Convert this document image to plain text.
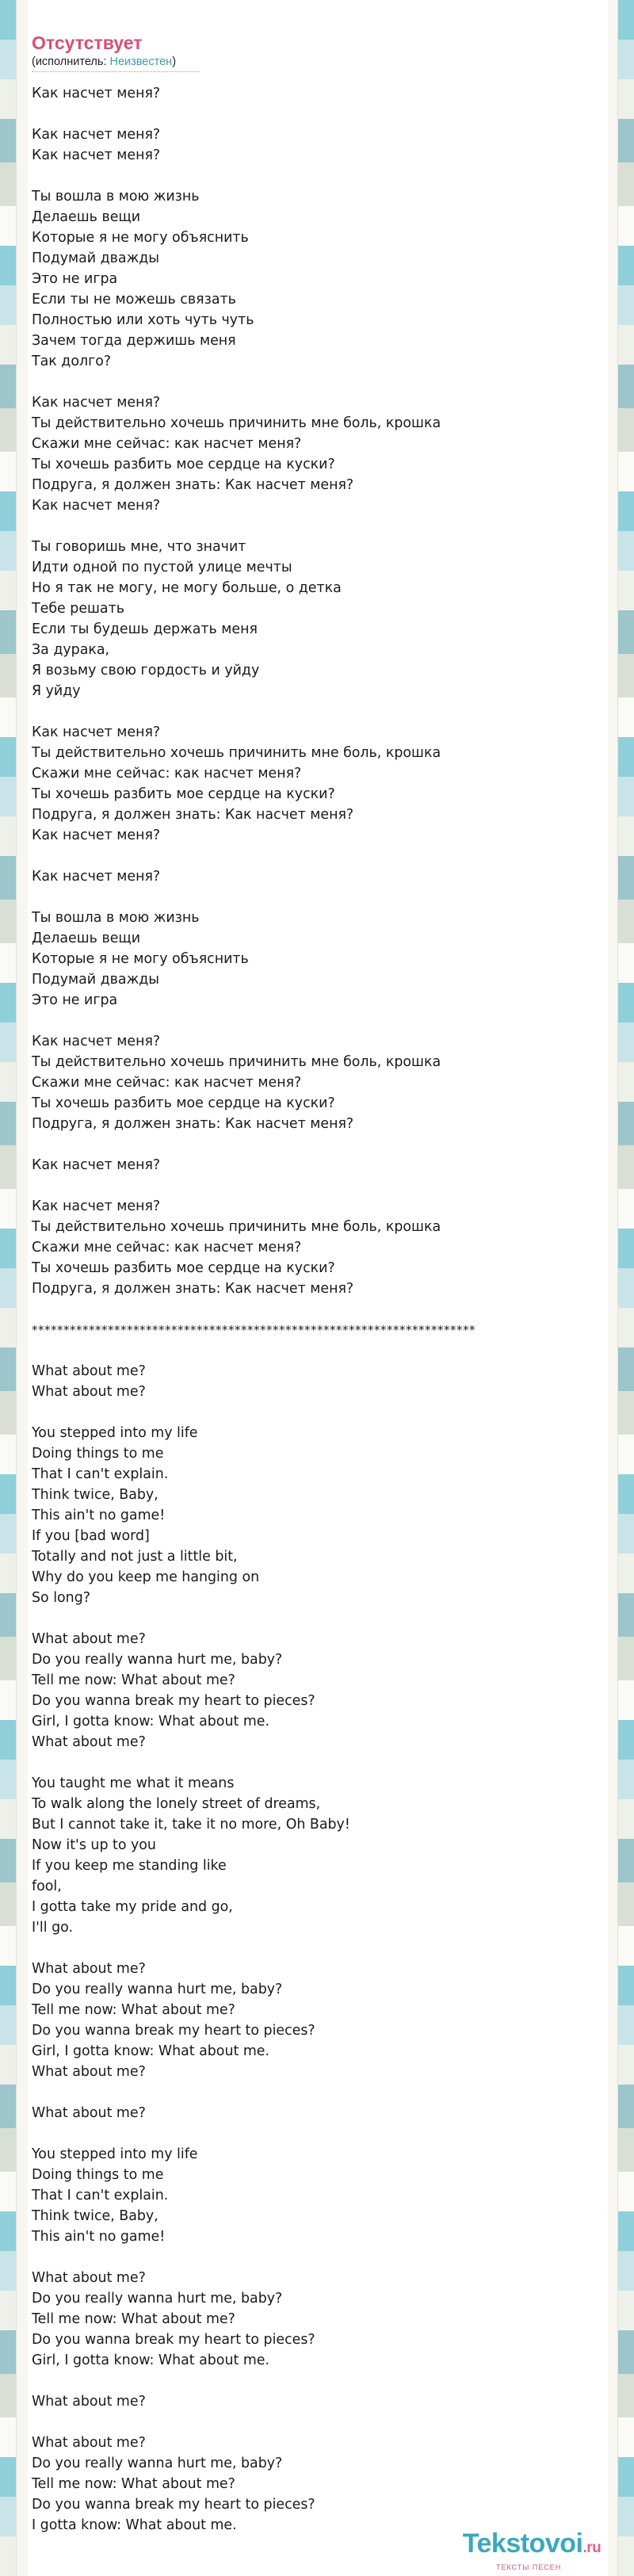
Отсутствует
(исполнитель: Неизвестен)
Как насчет меня?
Как насчет меня?
Как насчет меня?
Ты вошла в мою жизнь
Делаешь вещи
Которые я не могу объяснить
Подумай дважды
Это не игра
Если ты не можешь связать
Полностью или хоть чуть чуть
Зачем тогда держишь меня
Так долго?
Как насчет меня?
Ты действительно хочешь причинить мне боль, крошка
Скажи мне сейчас: как насчет меня?
Ты хочешь разбить мое сердце на куски?
Подруга, я должен знать: Как насчет меня?
Как насчет меня?
Ты говоришь мне, что значит
Идти одной по пустой улице мечты
Но я так не могу, не могу больше, о детка
Тебе решать
Если ты будешь держать меня
За дурака,
Я возьму свою гордость и уйду
Я уйду
Как насчет меня?
Ты действительно хочешь причинить мне боль, крошка
Скажи мне сейчас: как насчет меня?
Ты хочешь разбить мое сердце на куски?
Подруга, я должен знать: Как насчет меня?
Как насчет меня?
Как насчет меня?
Ты вошла в мою жизнь
Делаешь вещи
Которые я не могу объяснить
Подумай дважды
Это не игра
Как насчет меня?
Ты действительно хочешь причинить мне боль, крошка
Скажи мне сейчас: как насчет меня?
Ты хочешь разбить мое сердце на куски?
Подруга, я должен знать: Как насчет меня?
Как насчет меня?
Как насчет меня?
Ты действительно хочешь причинить мне боль, крошка
Скажи мне сейчас: как насчет меня?
Ты хочешь разбить мое сердце на куски?
Подруга, я должен знать: Как насчет меня?
**********************************************************************
What about me?
What about me?
You stepped into my life
Doing things to me
That I can't explain.
Think twice, Baby,
This ain't no game!
If you [bad word]
Totally and not just a little bit,
Why do you keep me hanging on
So long?
What about me?
Do you really wanna hurt me, baby?
Tell me now: What about me?
Do you wanna break my heart to pieces?
Girl, I gotta know: What about me.
What about me?
You taught me what it means
To walk along the lonely street of dreams,
But I cannot take it, take it no more, Oh Baby!
Now it's up to you
If you keep me standing like
fool,
I gotta take my pride and go,
I'll go.
What about me?
Do you really wanna hurt me, baby?
Tell me now: What about me?
Do you wanna break my heart to pieces?
Girl, I gotta know: What about me.
What about me?
What about me?
You stepped into my life
Doing things to me
That I can't explain.
Think twice, Baby,
This ain't no game!
What about me?
Do you really wanna hurt me, baby?
Tell me now: What about me?
Do you wanna break my heart to pieces?
Girl, I gotta know: What about me.
What about me?
What about me?
Do you really wanna hurt me, baby?
Tell me now: What about me?
Do you wanna break my heart to pieces?
I gotta know: What about me.
Tekstovoi.ru
ТЕКСТЫ ПЕСЕН
